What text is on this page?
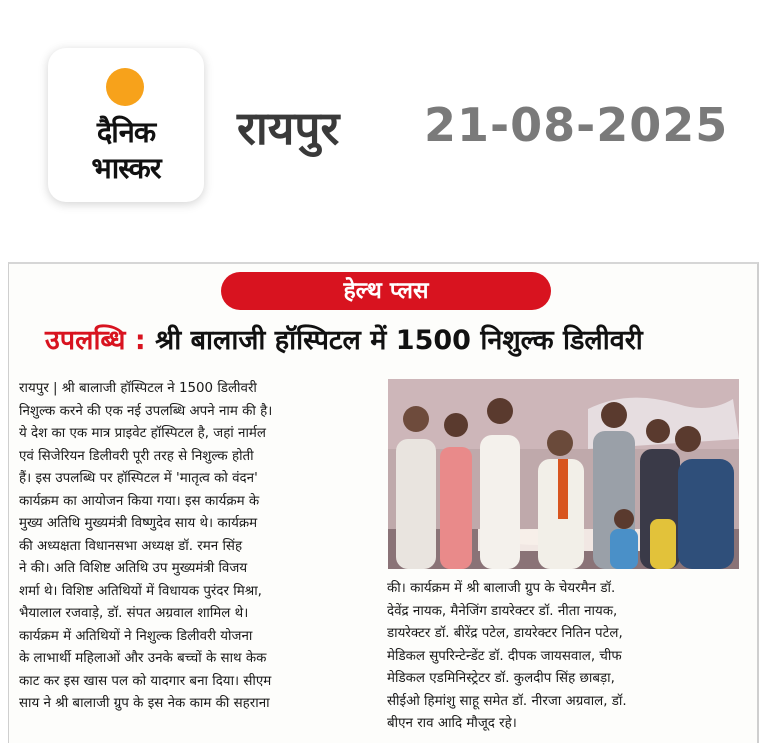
दैनिक
भास्कर
रायपुर 21-08-2025
हेल्थ प्लस
उपलब्धि : श्री बालाजी हॉस्पिटल में 1500 निशुल्क डिलीवरी
रायपुर | श्री बालाजी हॉस्पिटल ने 1500 डिलीवरी
निशुल्क करने की एक नई उपलब्धि अपने नाम की है।
ये देश का एक मात्र प्राइवेट हॉस्पिटल है, जहां नार्मल
एवं सिजेरियन डिलीवरी पूरी तरह से निशुल्क होती
हैं। इस उपलब्धि पर हॉस्पिटल में 'मातृत्व को वंदन'
कार्यक्रम का आयोजन किया गया। इस कार्यक्रम के
मुख्य अतिथि मुख्यमंत्री विष्णुदेव साय थे। कार्यक्रम
की अध्यक्षता विधानसभा अध्यक्ष डॉ. रमन सिंह
ने की। अति विशिष्ट अतिथि उप मुख्यमंत्री विजय
शर्मा थे। विशिष्ट अतिथियों में विधायक पुरंदर मिश्रा,
भैयालाल रजवाड़े, डॉ. संपत अग्रवाल शामिल थे।
कार्यक्रम में अतिथियों ने निशुल्क डिलीवरी योजना
के लाभार्थी महिलाओं और उनके बच्चों के साथ केक
काट कर इस खास पल को यादगार बना दिया। सीएम
साय ने श्री बालाजी ग्रुप के इस नेक काम की सहराना
की। कार्यक्रम में श्री बालाजी ग्रुप के चेयरमैन डॉ.
देवेंद्र नायक, मैनेजिंग डायरेक्टर डॉ. नीता नायक,
डायरेक्टर डॉ. बीरेंद्र पटेल, डायरेक्टर नितिन पटेल,
मेडिकल सुपरिन्टेन्डेंट डॉ. दीपक जायसवाल, चीफ
मेडिकल एडमिनिस्ट्रेटर डॉ. कुलदीप सिंह छाबड़ा,
सीईओ हिमांशु साहू समेत डॉ. नीरजा अग्रवाल, डॉ.
बीएन राव आदि मौजूद रहे।
